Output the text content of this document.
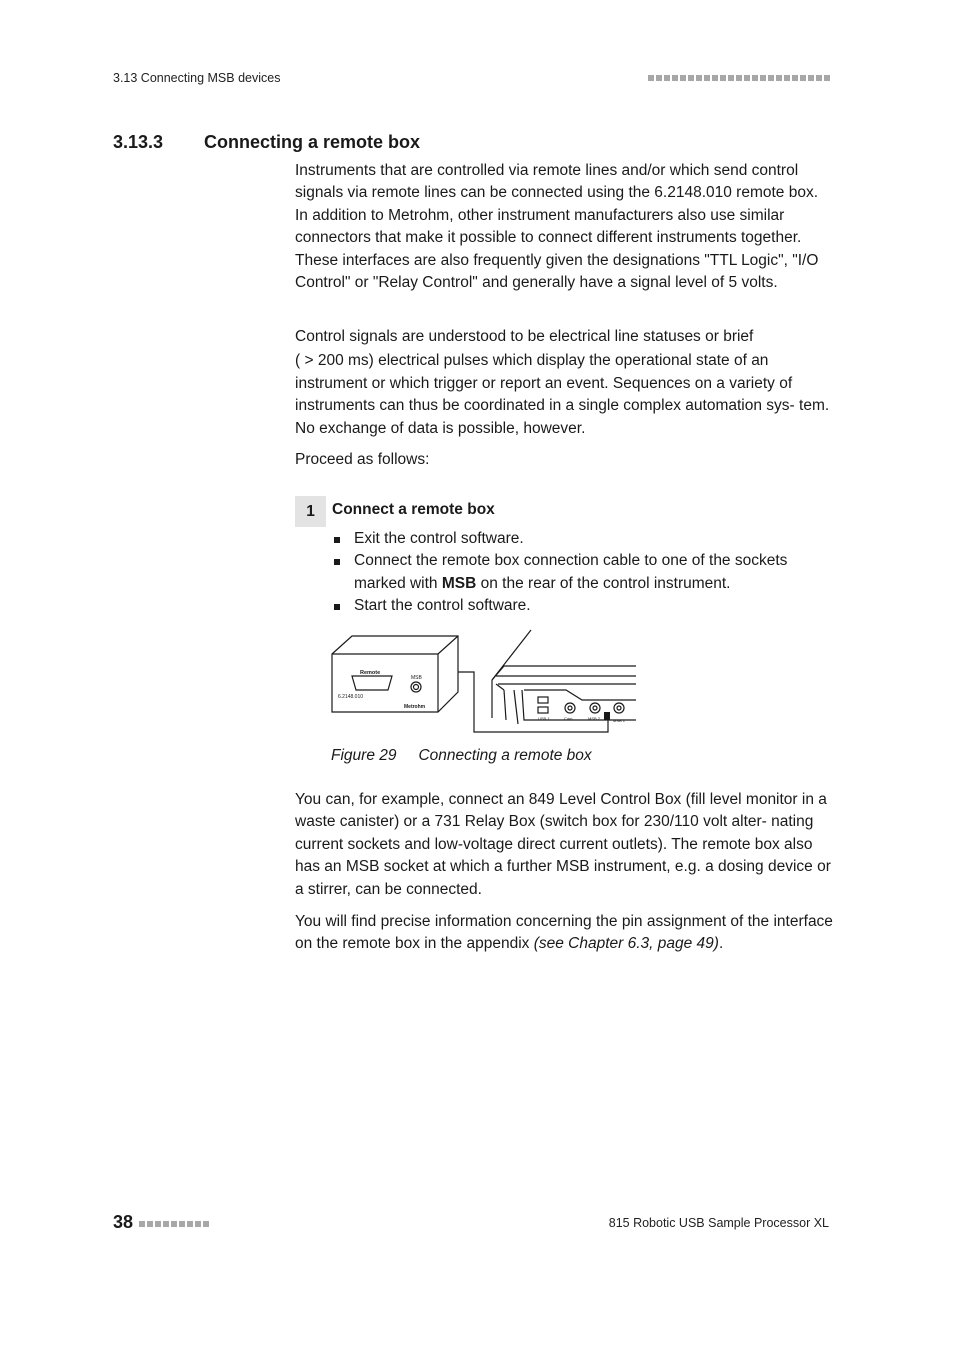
3.13 Connecting MSB devices
3.13.3 Connecting a remote box

Instruments that are controlled via remote lines and/or which send control signals via remote lines can be connected using the 6.2148.010 remote box. In addition to Metrohm, other instrument manufacturers also use similar connectors that make it possible to connect different instruments together. These interfaces are also frequently given the designations "TTL Logic", "I/O Control" or "Relay Control" and generally have a signal level of 5 volts.

Control signals are understood to be electrical line statuses or brief

( > 200 ms) electrical pulses which display the operational state of an instrument or which trigger or report an event. Sequences on a variety of instruments can thus be coordinated in a single complex automation sys- tem. No exchange of data is possible, however.

Proceed as follows:

1	Connect a remote box
Exit the control software.
Connect the remote box connection cable to one of the sockets marked with MSB on the rear of the control instrument.
Start the control software.
Remote
MSB
6.2148.010
Metrohm
USB 1	Cam	MSB 2	MSB 1
Figure 29 Connecting a remote box

You can, for example, connect an 849 Level Control Box (fill level monitor in a waste canister) or a 731 Relay Box (switch box for 230/110 volt alter- nating current sockets and low-voltage direct current outlets). The remote box also has an MSB socket at which a further MSB instrument, e.g. a dosing device or a stirrer, can be connected.

You will find precise information concerning the pin assignment of the interface on the remote box in the appendix (see Chapter 6.3, page 49).

38	815 Robotic USB Sample Processor XL
